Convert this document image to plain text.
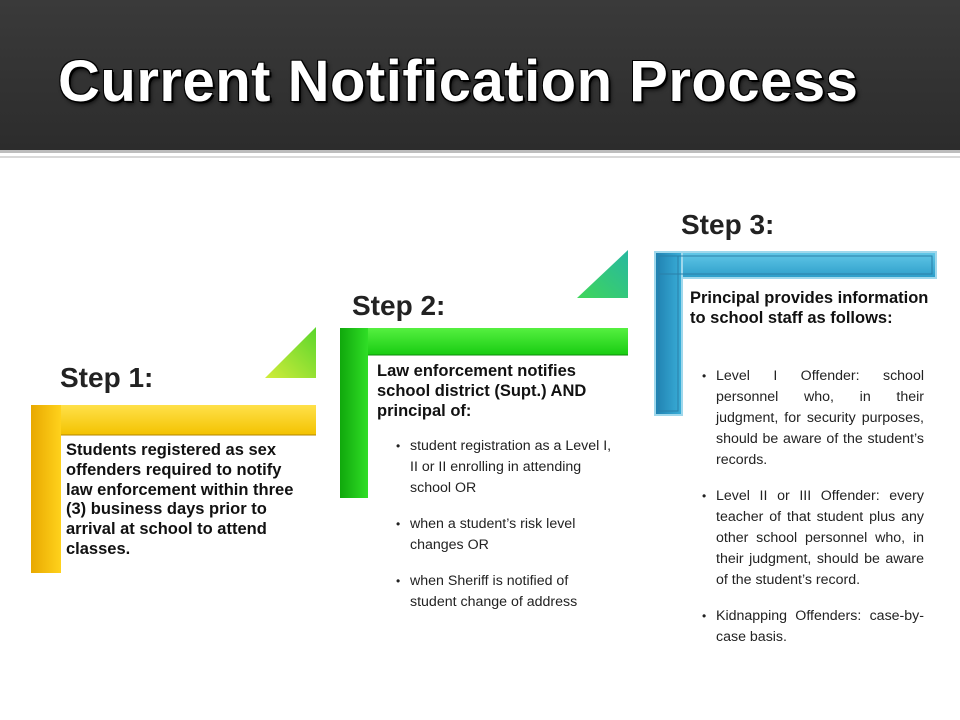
Current Notification Process
Step 1:
Students registered as sex offenders required to notify law enforcement within three (3) business days prior to arrival at school to attend classes.
Step 2:
Law enforcement notifies school district (Supt.) AND principal of:
• student registration as a Level I, II or II enrolling in attending school OR
• when a student’s risk level changes OR
• when Sheriff is notified of student change of address
Step 3:
Principal provides information to school staff as follows:
• Level I Offender: school personnel who, in their judgment, for security purposes, should be aware of the student’s records.
• Level II or III Offender: every teacher of that student plus any other school personnel who, in their judgment, should be aware of the student’s record.
• Kidnapping Offenders: case-by-case basis.
